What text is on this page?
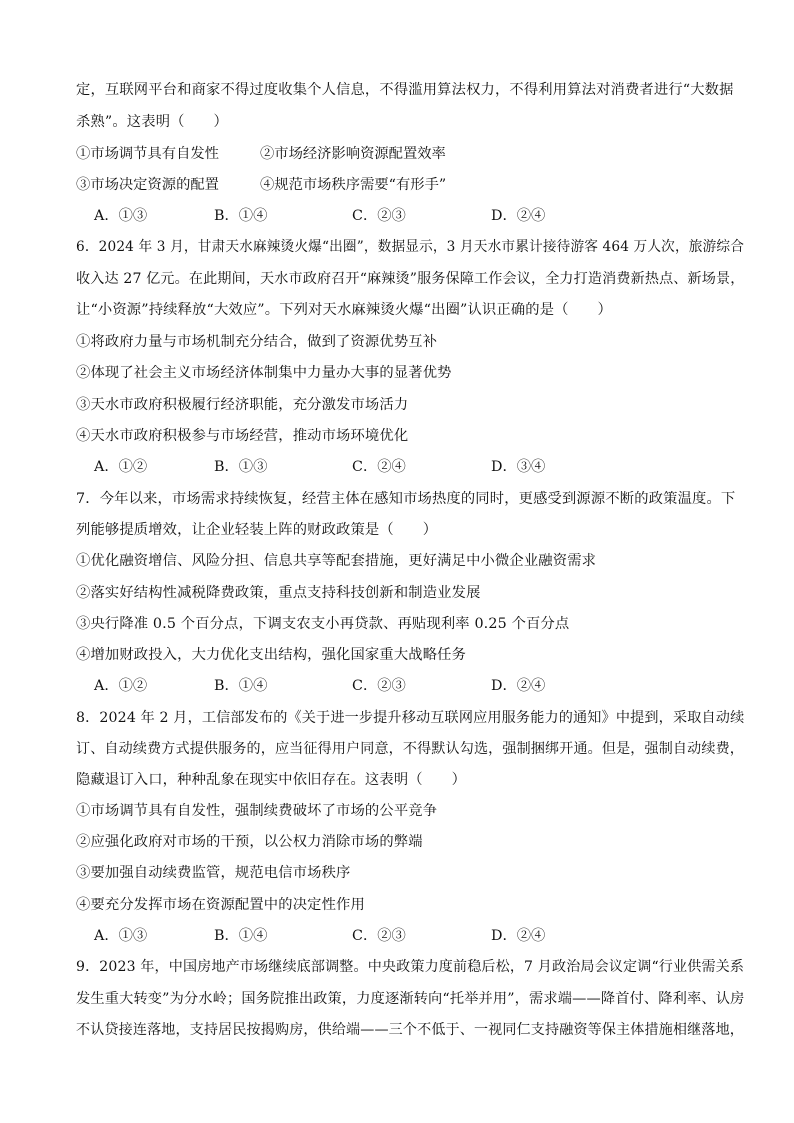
定，互联网平台和商家不得过度收集个人信息，不得滥用算法权力，不得利用算法对消费者进行“大数据
杀熟”。这表明（　　）
①市场调节具有自发性	②市场经济影响资源配置效率
③市场决定资源的配置	④规范市场秩序需要“有形手”
A．①③	B．①④	C．②③	D．②④
6．2024 年 3 月，甘肃天水麻辣烫火爆“出圈”，数据显示，3 月天水市累计接待游客 464 万人次，旅游综合
收入达 27 亿元。在此期间，天水市政府召开“麻辣烫”服务保障工作会议，全力打造消费新热点、新场景，
让“小资源”持续释放“大效应”。下列对天水麻辣烫火爆“出圈”认识正确的是（　　）
①将政府力量与市场机制充分结合，做到了资源优势互补
②体现了社会主义市场经济体制集中力量办大事的显著优势
③天水市政府积极履行经济职能，充分激发市场活力
④天水市政府积极参与市场经营，推动市场环境优化
A．①②	B．①③	C．②④	D．③④
7．今年以来，市场需求持续恢复，经营主体在感知市场热度的同时，更感受到源源不断的政策温度。下
列能够提质增效，让企业轻装上阵的财政政策是（　　）
①优化融资增信、风险分担、信息共享等配套措施，更好满足中小微企业融资需求
②落实好结构性减税降费政策，重点支持科技创新和制造业发展
③央行降准 0.5 个百分点，下调支农支小再贷款、再贴现利率 0.25 个百分点
④增加财政投入，大力优化支出结构，强化国家重大战略任务
A．①②	B．①④	C．②③	D．②④
8．2024 年 2 月，工信部发布的《关于进一步提升移动互联网应用服务能力的通知》中提到，采取自动续
订、自动续费方式提供服务的，应当征得用户同意，不得默认勾选，强制捆绑开通。但是，强制自动续费，
隐藏退订入口，种种乱象在现实中依旧存在。这表明（　　）
①市场调节具有自发性，强制续费破坏了市场的公平竞争
②应强化政府对市场的干预，以公权力消除市场的弊端
③要加强自动续费监管，规范电信市场秩序
④要充分发挥市场在资源配置中的决定性作用
A．①③	B．①④	C．②③	D．②④
9．2023 年，中国房地产市场继续底部调整。中央政策力度前稳后松，7 月政治局会议定调“行业供需关系
发生重大转变”为分水岭；国务院推出政策，力度逐渐转向“托举并用”，需求端——降首付、降利率、认房
不认贷接连落地，支持居民按揭购房，供给端——三个不低于、一视同仁支持融资等保主体措施相继落地，
